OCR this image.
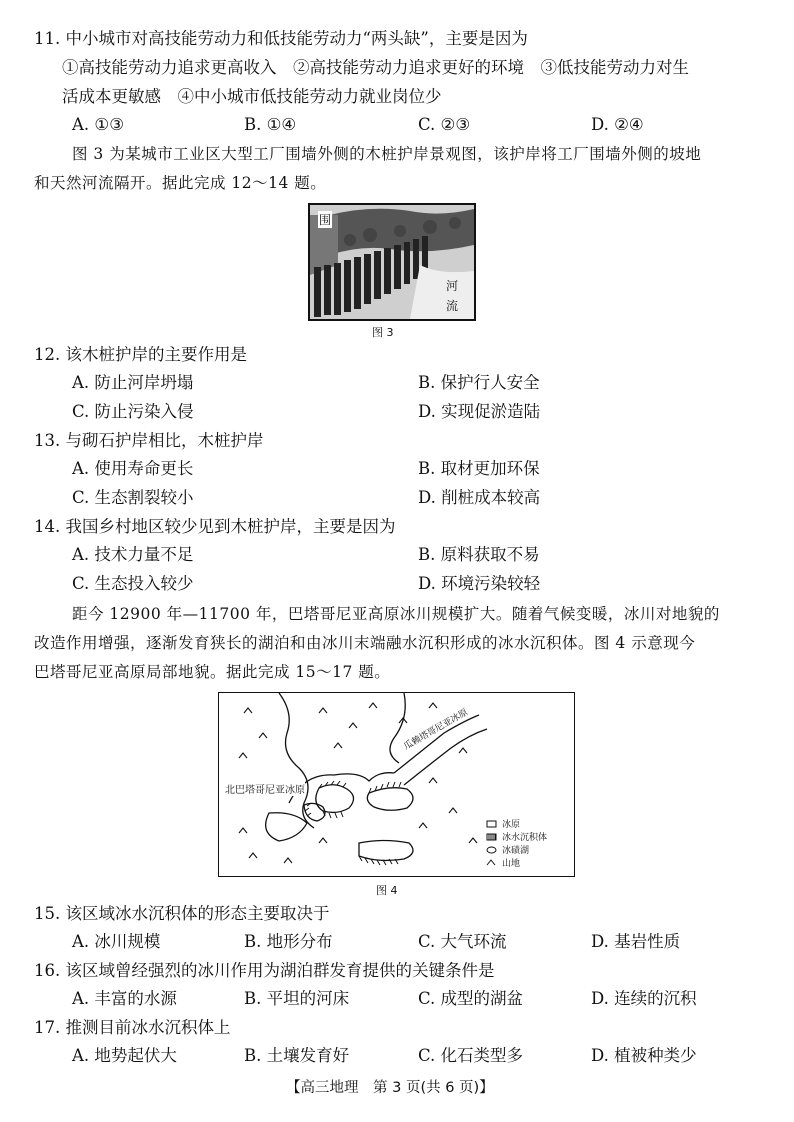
11. 中小城市对高技能劳动力和低技能劳动力“两头缺”，主要是因为
①高技能劳动力追求更高收入　②高技能劳动力追求更好的环境　③低技能劳动力对生
活成本更敏感　④中小城市低技能劳动力就业岗位少
A. ①③	B. ①④	C. ②③	D. ②④
图 3 为某城市工业区大型工厂围墙外侧的木桩护岸景观图，该护岸将工厂围墙外侧的坡地
和天然河流隔开。据此完成 12～14 题。
围
河
流
图 3
12. 该木桩护岸的主要作用是
A. 防止河岸坍塌	B. 保护行人安全
C. 防止污染入侵	D. 实现促淤造陆
13. 与砌石护岸相比，木桩护岸
A. 使用寿命更长	B. 取材更加环保
C. 生态割裂较小	D. 削桩成本较高
14. 我国乡村地区较少见到木桩护岸，主要是因为
A. 技术力量不足	B. 原料获取不易
C. 生态投入较少	D. 环境污染较轻
距今 12900 年—11700 年，巴塔哥尼亚高原冰川规模扩大。随着气候变暖，冰川对地貌的
改造作用增强，逐渐发育狭长的湖泊和由冰川末端融水沉积形成的冰水沉积体。图 4 示意现今
巴塔哥尼亚高原局部地貌。据此完成 15～17 题。
北巴塔哥尼亚冰原
瓜赖塔哥尼亚冰原
冰原
冰水沉积体
冰碛湖
山地
图 4
15. 该区域冰水沉积体的形态主要取决于
A. 冰川规模	B. 地形分布	C. 大气环流	D. 基岩性质
16. 该区域曾经强烈的冰川作用为湖泊群发育提供的关键条件是
A. 丰富的水源	B. 平坦的河床	C. 成型的湖盆	D. 连续的沉积
17. 推测目前冰水沉积体上
A. 地势起伏大	B. 土壤发育好	C. 化石类型多	D. 植被种类少
【高三地理　第 3 页(共 6 页)】
